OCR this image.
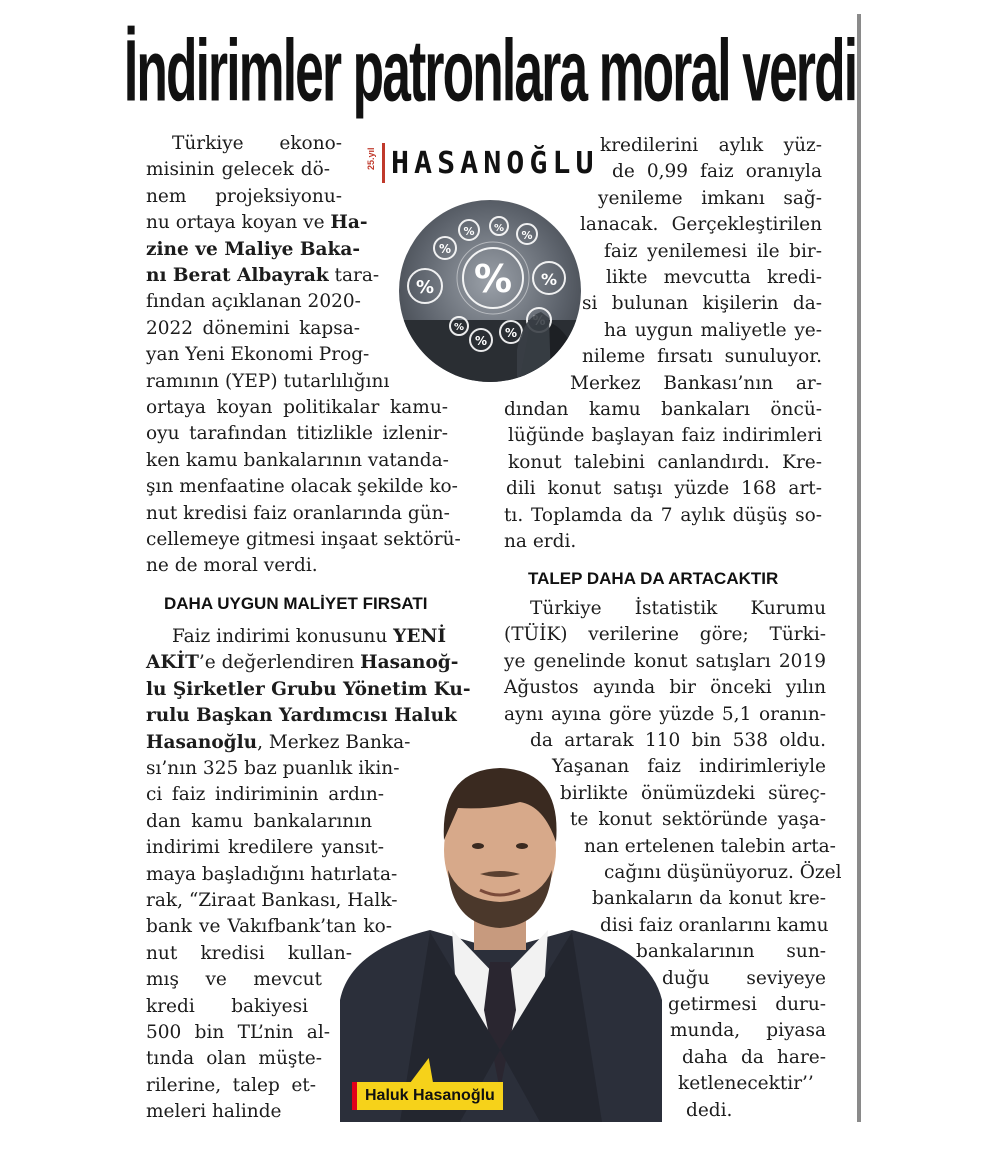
İndirimler patronlara moral verdi
25.yıl HASANOĞLU
%
%	%
%
% %
%
%
%
%
Haluk Hasanoğlu
Türkiye ekono-
misinin gelecek dö-
nem projeksiyonu-
nu ortaya koyan ve Ha-
zine ve Maliye Baka-
nı Berat Albayrak tara-
fından açıklanan 2020-
2022 dönemini kapsa-
yan Yeni Ekonomi Prog-
ramının (YEP) tutarlılığını
ortaya koyan politikalar kamu-
oyu tarafından titizlikle izlenir-
ken kamu bankalarının vatanda-
şın menfaatine olacak şekilde ko-
nut kredisi faiz oranlarında gün-
cellemeye gitmesi inşaat sektörü-
ne de moral verdi.
DAHA UYGUN MALİYET FIRSATI
Faiz indirimi konusunu YENİ
AKİT’e değerlendiren Hasanoğ-
lu Şirketler Grubu Yönetim Ku-
rulu Başkan Yardımcısı Haluk
Hasanoğlu, Merkez Banka-
sı’nın 325 baz puanlık ikin-
ci faiz indiriminin ardın-
dan kamu bankalarının
indirimi kredilere yansıt-
maya başladığını hatırlata-
rak, “Ziraat Bankası, Halk-
bank ve Vakıfbank’tan ko-
nut kredisi kullan-
mış ve mevcut
kredi bakiyesi
500 bin TL’nin al-
tında olan müşte-
rilerine, talep et-
meleri halinde
kredilerini aylık yüz-
de 0,99 faiz oranıyla
yenileme imkanı sağ-
lanacak. Gerçekleştirilen
faiz yenilemesi ile bir-
likte mevcutta kredi-
si bulunan kişilerin da-
ha uygun maliyetle ye-
nileme fırsatı sunuluyor.
Merkez Bankası’nın ar-
dından kamu bankaları öncü-
lüğünde başlayan faiz indirimleri
konut talebini canlandırdı. Kre-
dili konut satışı yüzde 168 art-
tı. Toplamda da 7 aylık düşüş so-
na erdi.
TALEP DAHA DA ARTACAKTIR
Türkiye İstatistik Kurumu
(TÜİK) verilerine göre; Türki-
ye genelinde konut satışları 2019
Ağustos ayında bir önceki yılın
aynı ayına göre yüzde 5,1 oranın-
da artarak 110 bin 538 oldu.
Yaşanan faiz indirimleriyle
birlikte önümüzdeki süreç-
te konut sektöründe yaşa-
nan ertelenen talebin arta-
cağını düşünüyoruz. Özel
bankaların da konut kre-
disi faiz oranlarını kamu
bankalarının sun-
duğu seviyeye
getirmesi duru-
munda, piyasa
daha da hare-
ketlenecektir’’
dedi.
